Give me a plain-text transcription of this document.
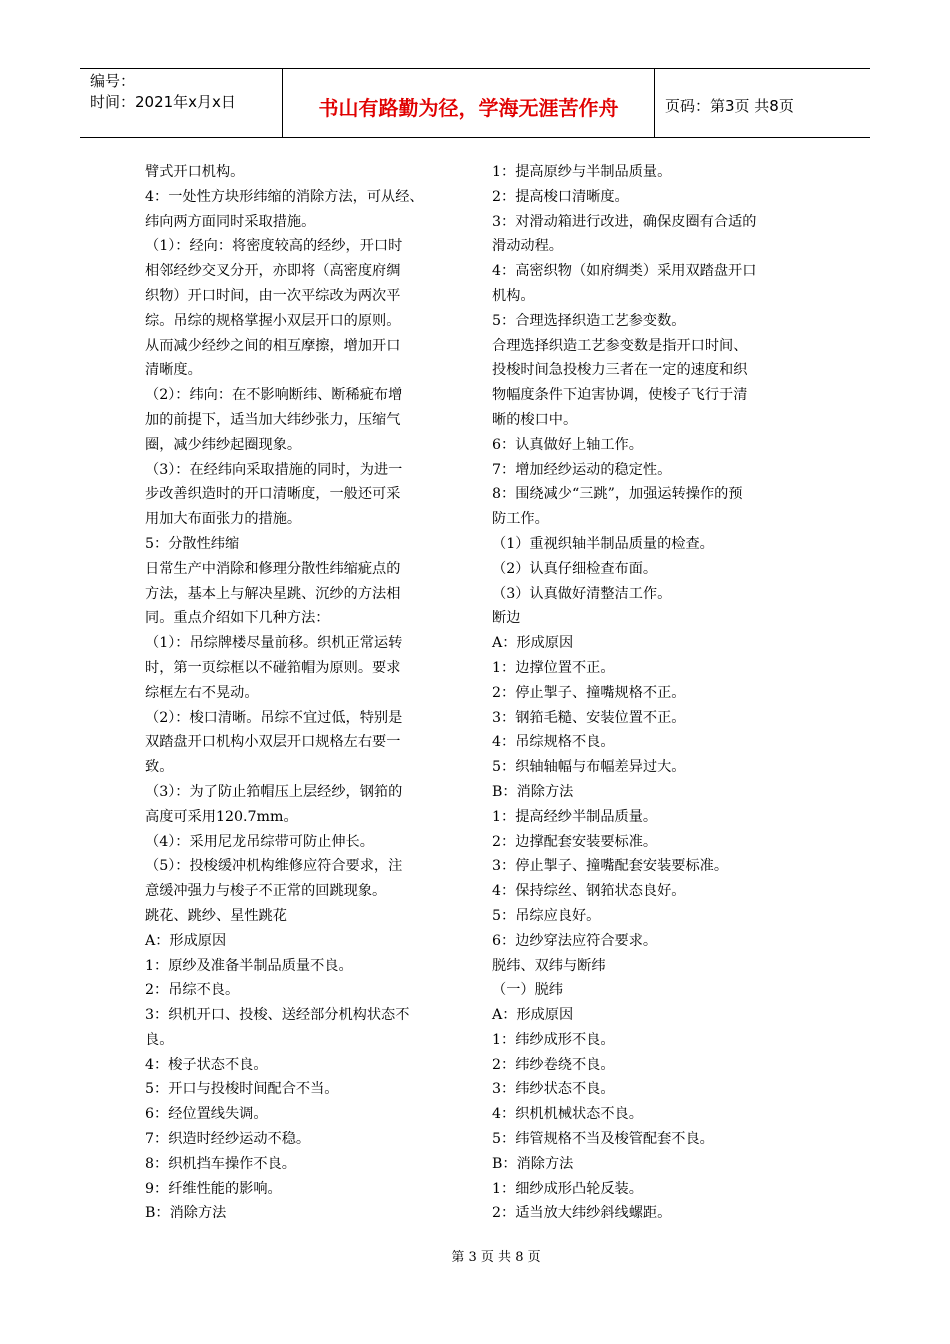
编号：
时间：2021年x月x日	书山有路勤为径，学海无涯苦作舟	页码：第3页 共8页
臂式开口机构。
4：一处性方块形纬缩的消除方法，可从经、
纬向两方面同时采取措施。
（1）：经向：将密度较高的经纱，开口时
相邻经纱交叉分开，亦即将（高密度府绸
织物）开口时间，由一次平综改为两次平
综。吊综的规格掌握小双层开口的原则。
从而减少经纱之间的相互摩擦，增加开口
清晰度。
（2）：纬向：在不影响断纬、断稀疵布增
加的前提下，适当加大纬纱张力，压缩气
圈，减少纬纱起圈现象。
（3）：在经纬向采取措施的同时，为进一
步改善织造时的开口清晰度，一般还可采
用加大布面张力的措施。
5：分散性纬缩
日常生产中消除和修理分散性纬缩疵点的
方法，基本上与解决星跳、沉纱的方法相
同。重点介绍如下几种方法：
（1）：吊综牌楼尽量前移。织机正常运转
时，第一页综框以不碰筘帽为原则。要求
综框左右不晃动。
（2）：梭口清晰。吊综不宜过低，特别是
双踏盘开口机构小双层开口规格左右要一
致。
（3）：为了防止筘帽压上层经纱，钢筘的
高度可采用120.7mm。
（4）：采用尼龙吊综带可防止伸长。
（5）：投梭缓冲机构维修应符合要求，注
意缓冲强力与梭子不正常的回跳现象。
跳花、跳纱、星性跳花
A：形成原因
1：原纱及准备半制品质量不良。
2：吊综不良。
3：织机开口、投梭、送经部分机构状态不
良。
4：梭子状态不良。
5：开口与投梭时间配合不当。
6：经位置线失调。
7：织造时经纱运动不稳。
8：织机挡车操作不良。
9：纤维性能的影响。
B：消除方法
1：提高原纱与半制品质量。
2：提高梭口清晰度。
3：对滑动箱进行改进，确保皮圈有合适的
滑动动程。
4：高密织物（如府绸类）采用双踏盘开口
机构。
5：合理选择织造工艺参变数。
合理选择织造工艺参变数是指开口时间、
投梭时间急投梭力三者在一定的速度和织
物幅度条件下迫害协调，使梭子飞行于清
晰的梭口中。
6：认真做好上轴工作。
7：增加经纱运动的稳定性。
8：围绕减少“三跳”，加强运转操作的预
防工作。
（1）重视织轴半制品质量的检查。
（2）认真仔细检查布面。
（3）认真做好清整洁工作。
断边
A：形成原因
1：边撑位置不正。
2：停止掣子、撞嘴规格不正。
3：钢筘毛糙、安装位置不正。
4：吊综规格不良。
5：织轴轴幅与布幅差异过大。
B：消除方法
1：提高经纱半制品质量。
2：边撑配套安装要标准。
3：停止掣子、撞嘴配套安装要标准。
4：保持综丝、钢筘状态良好。
5：吊综应良好。
6：边纱穿法应符合要求。
脱纬、双纬与断纬
（一）脱纬
A：形成原因
1：纬纱成形不良。
2：纬纱卷绕不良。
3：纬纱状态不良。
4：织机机械状态不良。
5：纬管规格不当及梭管配套不良。
B：消除方法
1：细纱成形凸轮反装。
2：适当放大纬纱斜线螺距。
第 3 页 共 8 页
